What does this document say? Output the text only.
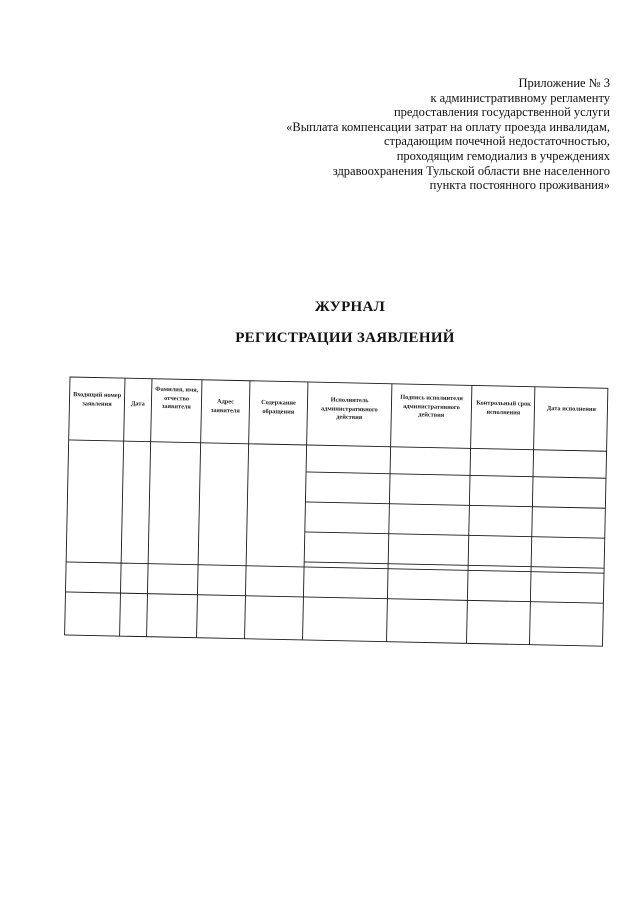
Приложение № 3
к административному регламенту
предоставления государственной услуги
«Выплата компенсации затрат на оплату проезда инвалидам,
страдающим почечной недостаточностью,
проходящим гемодиализ в учреждениях
здравоохранения Тульской области вне населенного
пункта постоянного проживания»
ЖУРНАЛ
РЕГИСТРАЦИИ ЗАЯВЛЕНИЙ
Входящий номер заявления	Дата
Фамилия, имя, отчество заявителя
Адрес заявителя
Содержание обращения
Исполнитель административного действия
Подпись исполнителя административного действия
Контрольный срок исполнения	Дата исполнения
